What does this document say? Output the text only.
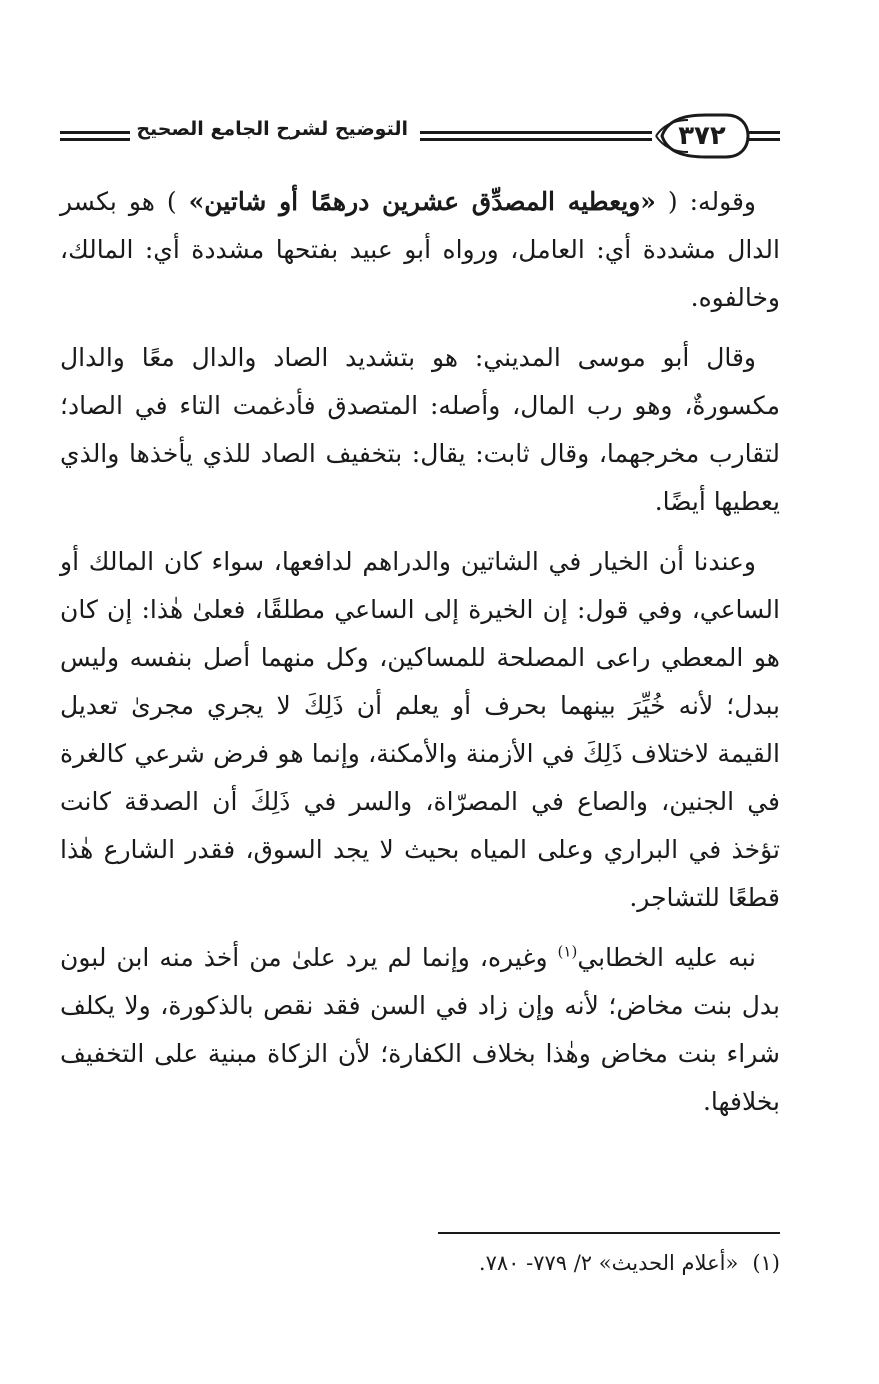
٣٧٢
التوضيح لشرح الجامع الصحيح

وقوله: ( «ويعطيه المصدِّق عشرين درهمًا أو شاتين» ) هو بكسر الدال مشددة أي: العامل، ورواه أبو عبيد بفتحها مشددة أي: المالك، وخالفوه.

وقال أبو موسى المديني: هو بتشديد الصاد والدال معًا والدال مكسورةٌ، وهو رب المال، وأصله: المتصدق فأدغمت التاء في الصاد؛ لتقارب مخرجهما، وقال ثابت: يقال: بتخفيف الصاد للذي يأخذها والذي يعطيها أيضًا.

وعندنا أن الخيار في الشاتين والدراهم لدافعها، سواء كان المالك أو الساعي، وفي قول: إن الخيرة إلى الساعي مطلقًا، فعلىٰ هٰذا: إن كان هو المعطي راعى المصلحة للمساكين، وكل منهما أصل بنفسه وليس ببدل؛ لأنه خُيِّرَ بينهما بحرف أو يعلم أن ذَلِكَ لا يجري مجرىٰ تعديل القيمة لاختلاف ذَلِكَ في الأزمنة والأمكنة، وإنما هو فرض شرعي كالغرة في الجنين، والصاع في المصرّاة، والسر في ذَلِكَ أن الصدقة كانت تؤخذ في البراري وعلى المياه بحيث لا يجد السوق، فقدر الشارع هٰذا قطعًا للتشاجر.

نبه عليه الخطابي$^{(١)}$ وغيره، وإنما لم يرد علىٰ من أخذ منه ابن لبون بدل بنت مخاض؛ لأنه وإن زاد في السن فقد نقص بالذكورة، ولا يكلف شراء بنت مخاض وهٰذا بخلاف الكفارة؛ لأن الزكاة مبنية على التخفيف بخلافها.

(١)«أعلام الحديث» ٢/ ٧٧٩- ٧٨٠.
